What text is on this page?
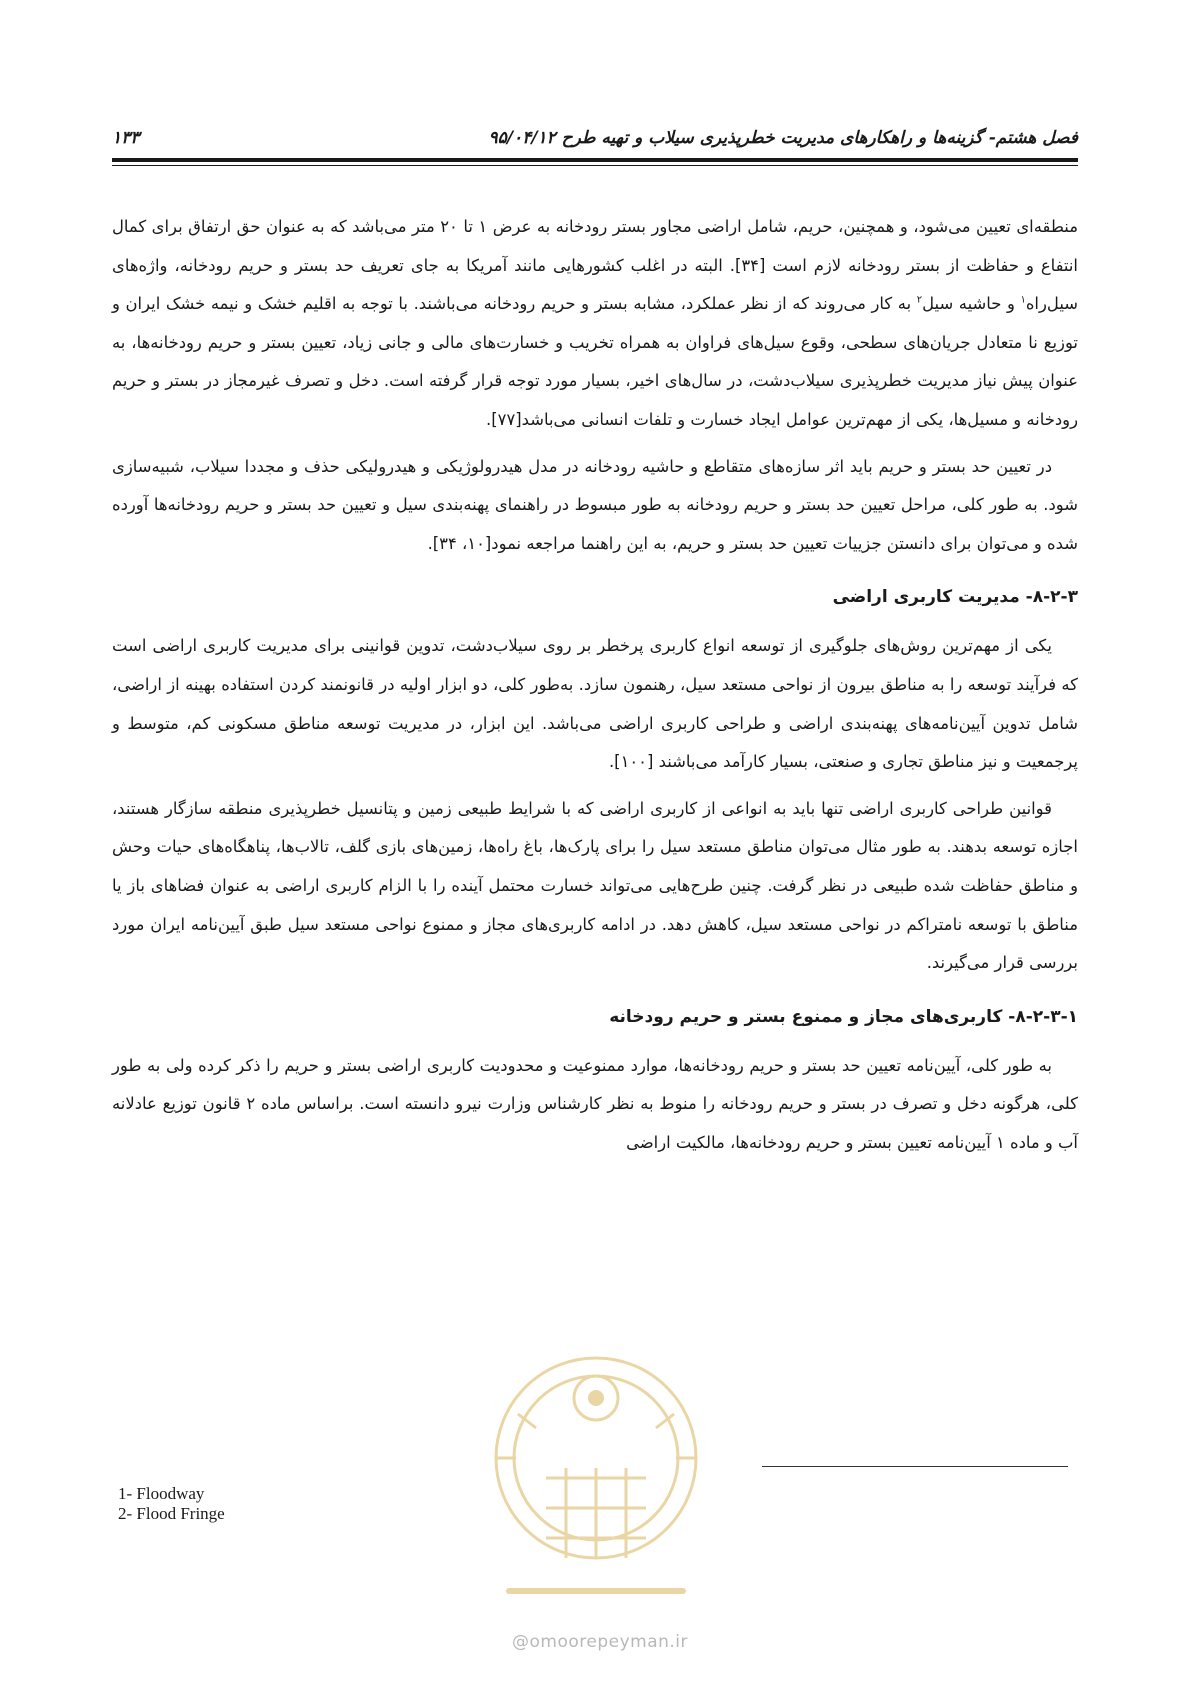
فصل هشتم- گزینه‌ها و راهکارهای مدیریت خطرپذیری سیلاب و تهیه طرح ۹۵/۰۴/۱۲
۱۳۳

منطقه‌ای تعیین می‌شود، و همچنین، حریم، شامل اراضی مجاور بستر رودخانه به عرض ۱ تا ۲۰ متر می‌باشد که به عنوان حق ارتفاق برای کمال انتفاع و حفاظت از بستر رودخانه لازم است [۳۴]. البته در اغلب کشورهایی مانند آمریکا به جای تعریف حد بستر و حریم رودخانه، واژه‌های سیل‌راه$^۱$ و حاشیه سیل$^۲$ به کار می‌روند که از نظر عملکرد، مشابه بستر و حریم رودخانه می‌باشند. با توجه به اقلیم خشک و نیمه خشک ایران و توزیع نا متعادل جریان‌های سطحی، وقوع سیل‌های فراوان به همراه تخریب و خسارت‌های مالی و جانی زیاد، تعیین بستر و حریم رودخانه‌ها، به عنوان پیش نیاز مدیریت خطرپذیری سیلاب‌دشت، در سال‌های اخیر، بسیار مورد توجه قرار گرفته است. دخل و تصرف غیرمجاز در بستر و حریم رودخانه و مسیل‌ها، یکی از مهم‌ترین عوامل ایجاد خسارت و تلفات انسانی می‌باشد[۷۷].

در تعیین حد بستر و حریم باید اثر سازه‌های متقاطع و حاشیه رودخانه در مدل هیدرولوژیکی و هیدرولیکی حذف و مجددا سیلاب، شبیه‌سازی شود. به طور کلی، مراحل تعیین حد بستر و حریم رودخانه به طور مبسوط در راهنمای پهنه‌بندی سیل و تعیین حد بستر و حریم رودخانه‌ها آورده شده و می‌توان برای دانستن جزییات تعیین حد بستر و حریم، به این راهنما مراجعه نمود[۱۰، ۳۴].

۸-۲-۳- مدیریت کاربری اراضی

یکی از مهم‌ترین روش‌های جلوگیری از توسعه انواع کاربری پرخطر بر روی سیلاب‌دشت، تدوین قوانینی برای مدیریت کاربری اراضی است که فرآیند توسعه را به مناطق بیرون از نواحی مستعد سیل، رهنمون سازد. به‌طور کلی، دو ابزار اولیه در قانونمند کردن استفاده بهینه از اراضی، شامل تدوین آیین‌نامه‌های پهنه‌بندی اراضی و طراحی کاربری اراضی می‌باشد. این ابزار، در مدیریت توسعه مناطق مسکونی کم، متوسط و پرجمعیت و نیز مناطق تجاری و صنعتی، بسیار کارآمد می‌باشند [۱۰۰].

قوانین طراحی کاربری اراضی تنها باید به انواعی از کاربری اراضی که با شرایط طبیعی زمین و پتانسیل خطرپذیری منطقه سازگار هستند، اجازه توسعه بدهند. به طور مثال می‌توان مناطق مستعد سیل را برای پارک‌ها، باغ راه‌ها، زمین‌های بازی گلف، تالاب‌ها، پناهگاه‌های حیات وحش و مناطق حفاظت شده طبیعی در نظر گرفت. چنین طرح‌هایی می‌تواند خسارت محتمل آینده را با الزام کاربری اراضی به عنوان فضاهای باز یا مناطق با توسعه نامتراکم در نواحی مستعد سیل، کاهش دهد. در ادامه کاربری‌های مجاز و ممنوع نواحی مستعد سیل طبق آیین‌نامه ایران مورد بررسی قرار می‌گیرند.

۸-۲-۳-۱- کاربری‌های مجاز و ممنوع بستر و حریم رودخانه

به طور کلی، آیین‌نامه تعیین حد بستر و حریم رودخانه‌ها، موارد ممنوعیت و محدودیت کاربری اراضی بستر و حریم را ذکر کرده ولی به طور کلی، هرگونه دخل و تصرف در بستر و حریم رودخانه را منوط به نظر کارشناس وزارت نیرو دانسته است. براساس ماده ۲ قانون توزیع عادلانه آب و ماده ۱ آیین‌نامه تعیین بستر و حریم رودخانه‌ها، مالکیت اراضی

1- Floodway
2- Flood Fringe
@omoorepeyman.ir
